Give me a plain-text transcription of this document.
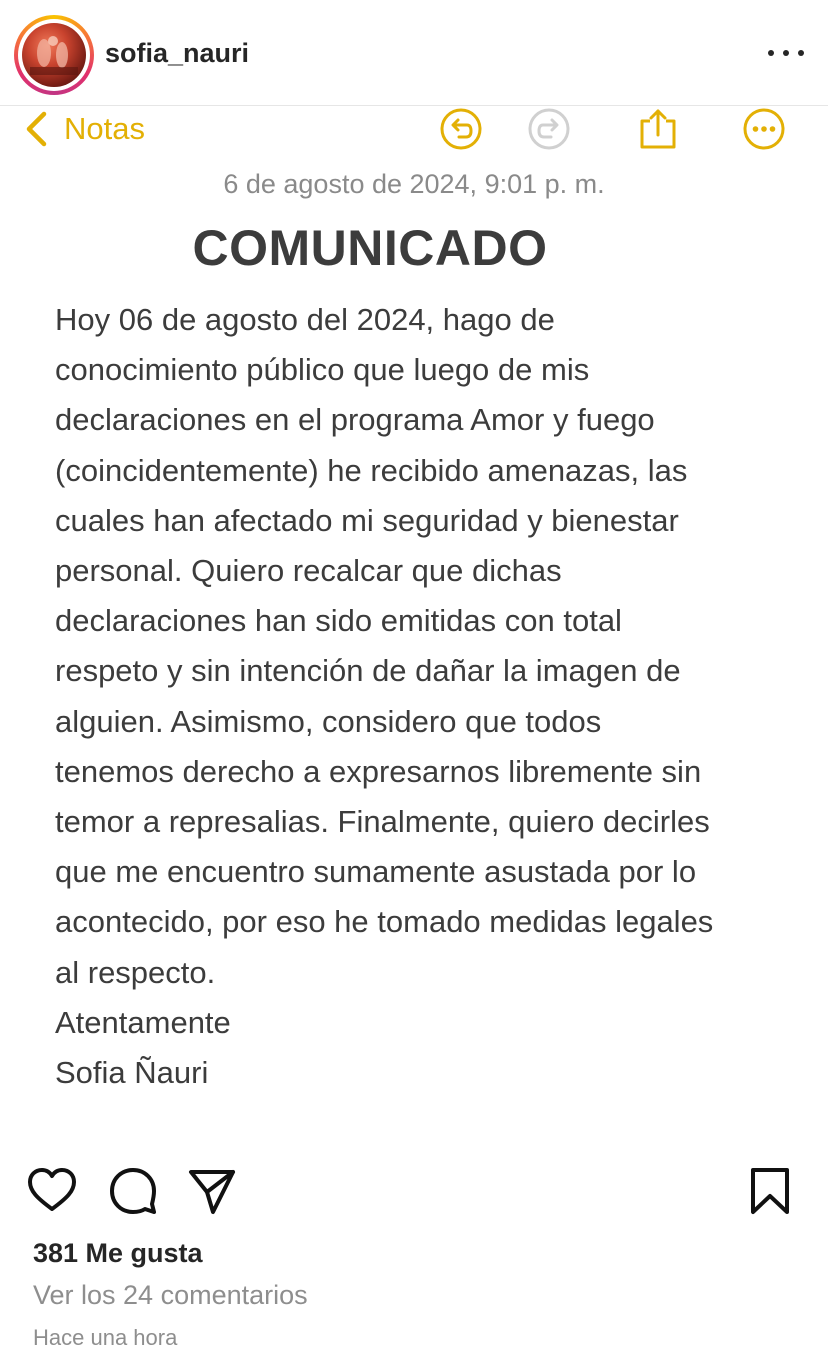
sofia_nauri
Notas
6 de agosto de 2024, 9:01 p. m.
COMUNICADO
Hoy 06 de agosto del 2024, hago de
conocimiento público que luego de mis
declaraciones en el programa Amor y fuego
(coincidentemente) he recibido amenazas, las
cuales han afectado mi seguridad y bienestar
personal. Quiero recalcar que dichas
declaraciones han sido emitidas con total
respeto y sin intención de dañar la imagen de
alguien. Asimismo, considero que todos
tenemos derecho a expresarnos libremente sin
temor a represalias. Finalmente, quiero decirles
que me encuentro sumamente asustada por lo
acontecido, por eso he tomado medidas legales
al respecto.
Atentamente
Sofia Ñauri
381 Me gusta
Ver los 24 comentarios
Hace una hora
